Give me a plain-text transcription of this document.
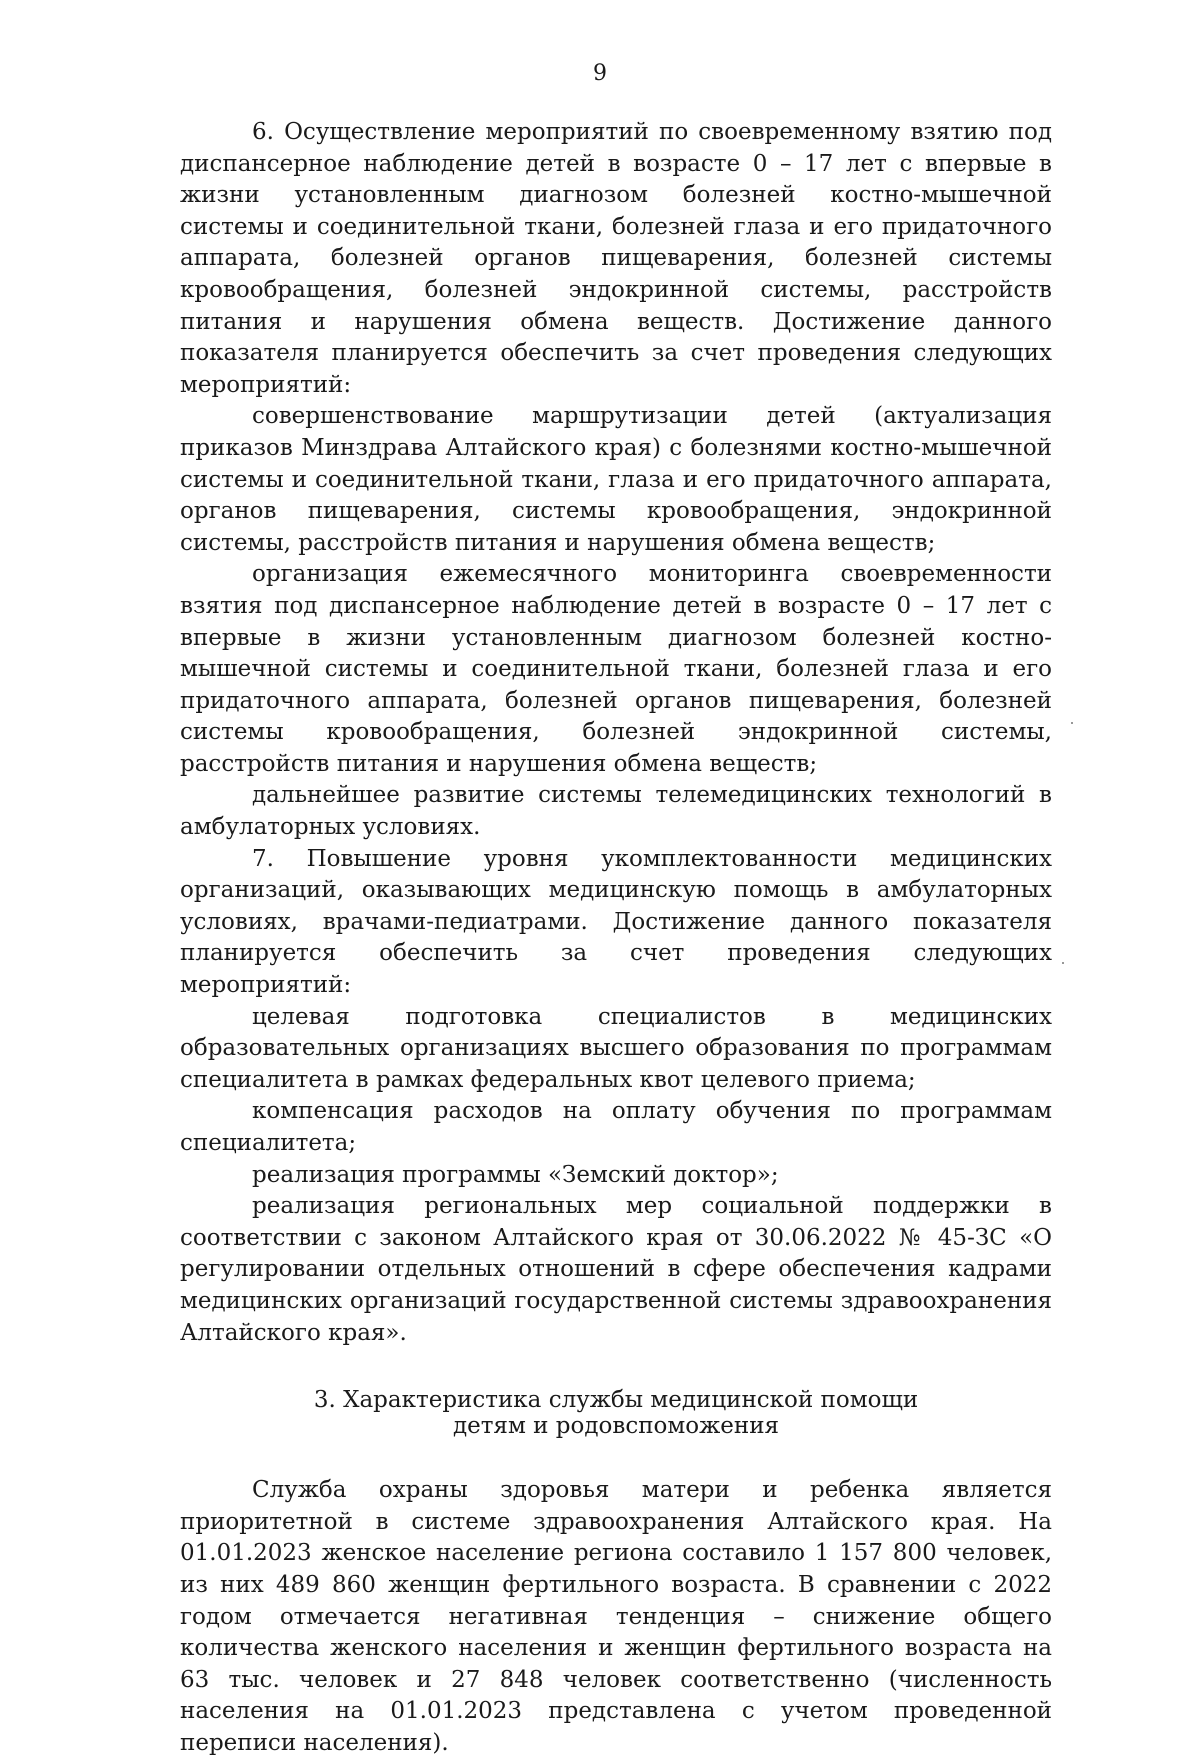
9

6. Осуществление мероприятий по своевременному взятию под диспансерное наблюдение детей в возрасте 0 – 17 лет с впервые в жизни установленным диагнозом болезней костно-мышечной системы и соединительной ткани, болезней глаза и его придаточного аппарата, болезней органов пищеварения, болезней системы кровообращения, болезней эндокринной системы, расстройств питания и нарушения обмена веществ. Достижение данного показателя планируется обеспечить за счет проведения следующих мероприятий:

совершенствование маршрутизации детей (актуализация приказов Минздрава Алтайского края) с болезнями костно-мышечной системы и соединительной ткани, глаза и его придаточного аппарата, органов пищеварения, системы кровообращения, эндокринной системы, расстройств питания и нарушения обмена веществ;

организация ежемесячного мониторинга своевременности взятия под диспансерное наблюдение детей в возрасте 0 – 17 лет с впервые в жизни установленным диагнозом болезней костно-мышечной системы и соединительной ткани, болезней глаза и его придаточного аппарата, болезней органов пищеварения, болезней системы кровообращения, болезней эндокринной системы, расстройств питания и нарушения обмена веществ;

дальнейшее развитие системы телемедицинских технологий в амбулаторных условиях.

7. Повышение уровня укомплектованности медицинских организаций, оказывающих медицинскую помощь в амбулаторных условиях, врачами-педиатрами. Достижение данного показателя планируется обеспечить за счет проведения следующих мероприятий:

целевая подготовка специалистов в медицинских образовательных организациях высшего образования по программам специалитета в рамках федеральных квот целевого приема;

компенсация расходов на оплату обучения по программам специалитета;

реализация программы «Земский доктор»;

реализация региональных мер социальной поддержки в соответствии с законом Алтайского края от 30.06.2022 № 45-ЗС «О регулировании отдельных отношений в сфере обеспечения кадрами медицинских организаций государственной системы здравоохранения Алтайского края».

3. Характеристика службы медицинской помощи
детям и родовспоможения

Служба охраны здоровья матери и ребенка является приоритетной в системе здравоохранения Алтайского края. На 01.01.2023 женское население региона составило 1 157 800 человек, из них 489 860 женщин фертильного возраста. В сравнении с 2022 годом отмечается негативная тенденция – снижение общего количества женского населения и женщин фертильного возраста на 63 тыс. человек и 27 848 человек соответственно (численность населения на 01.01.2023 представлена с учетом проведенной переписи населения).
